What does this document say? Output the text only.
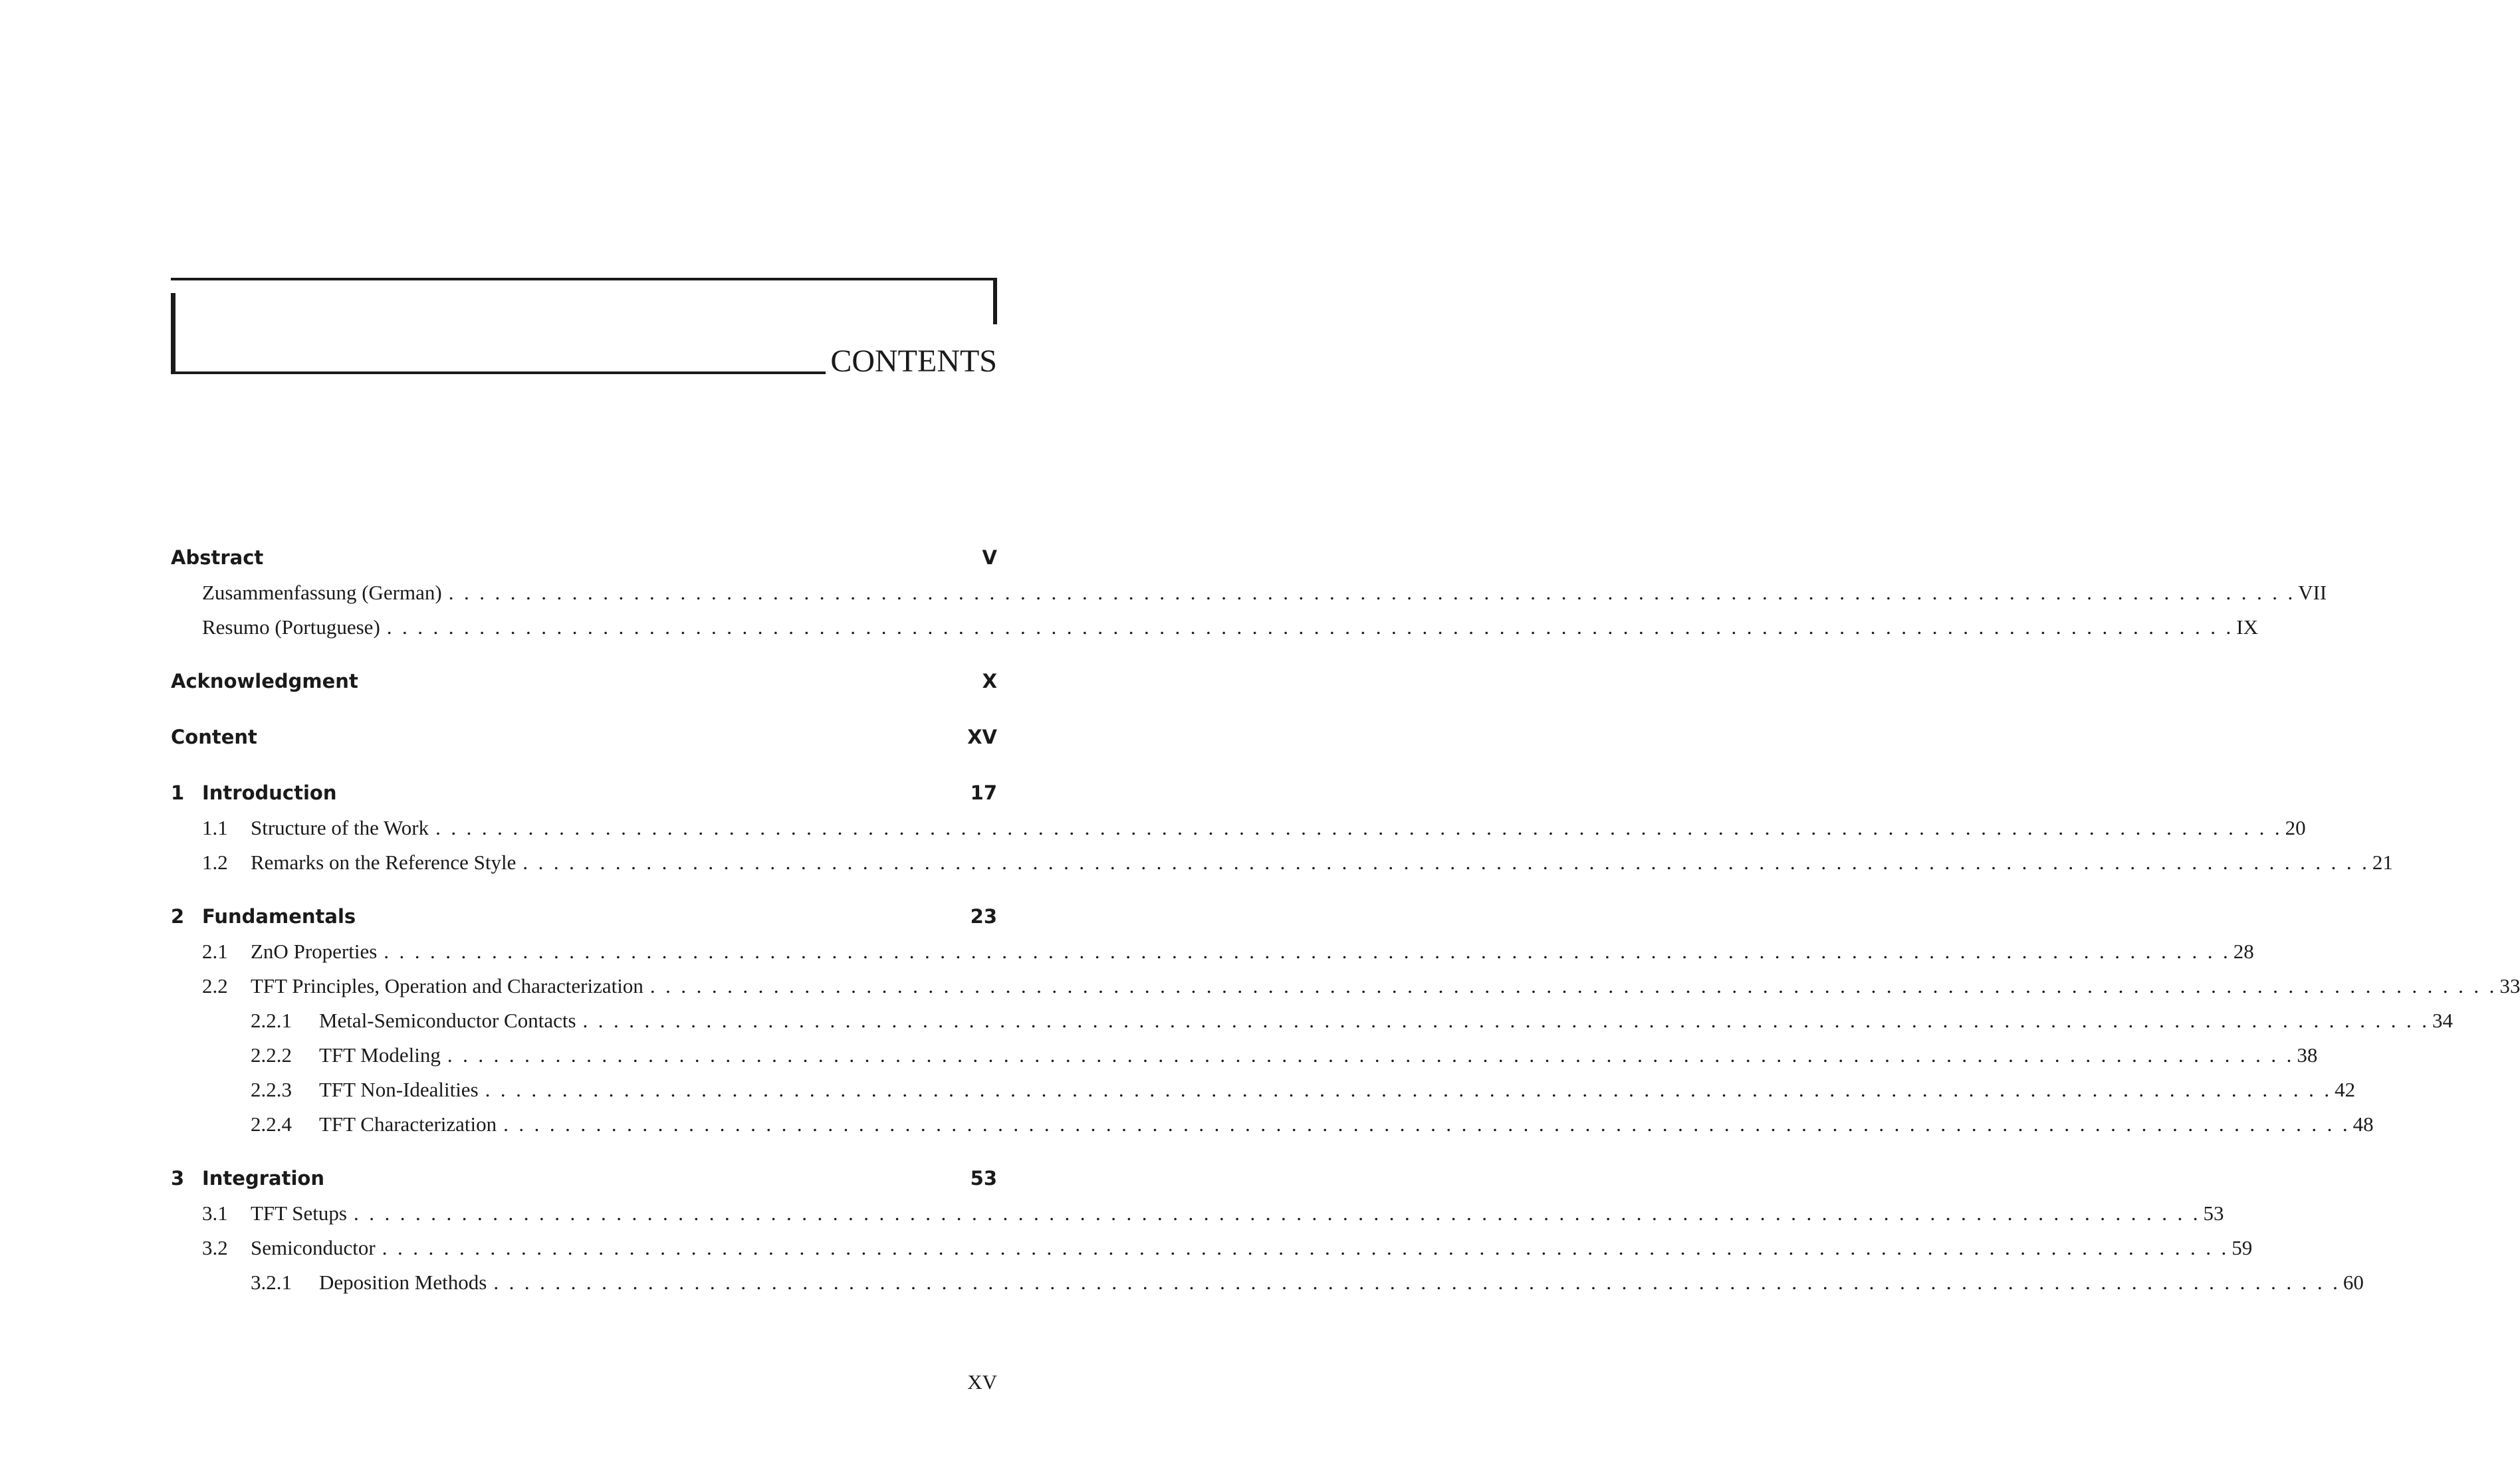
CONTENTS
Abstract	V
Zusammenfassung (German) . . . . . . . . . . . . . . . . . . . . . . . . . . . . . . . . . . . . . . . . . . . . . . . . . . . . . . . . . . . . . . . . . . . . . . . . . . . . . . . . . . . . . . . . . . . . . . . . . . . . . . . . . . . . . . . . . . . . . . . . VII
Resumo (Portuguese) . . . . . . . . . . . . . . . . . . . . . . . . . . . . . . . . . . . . . . . . . . . . . . . . . . . . . . . . . . . . . . . . . . . . . . . . . . . . . . . . . . . . . . . . . . . . . . . . . . . . . . . . . . . . . . . . . . . . . . . . IX
Acknowledgment	X
Content	XV
1 Introduction	17
1.1	Structure of the Work . . . . . . . . . . . . . . . . . . . . . . . . . . . . . . . . . . . . . . . . . . . . . . . . . . . . . . . . . . . . . . . . . . . . . . . . . . . . . . . . . . . . . . . . . . . . . . . . . . . . . . . . . . . . . . . . . . . . . . . . 20
1.2	Remarks on the Reference Style . . . . . . . . . . . . . . . . . . . . . . . . . . . . . . . . . . . . . . . . . . . . . . . . . . . . . . . . . . . . . . . . . . . . . . . . . . . . . . . . . . . . . . . . . . . . . . . . . . . . . . . . . . . . . . . . . . . . . . . . 21
2 Fundamentals	23
2.1	ZnO Properties . . . . . . . . . . . . . . . . . . . . . . . . . . . . . . . . . . . . . . . . . . . . . . . . . . . . . . . . . . . . . . . . . . . . . . . . . . . . . . . . . . . . . . . . . . . . . . . . . . . . . . . . . . . . . . . . . . . . . . . . 28
2.2	TFT Principles, Operation and Characterization . . . . . . . . . . . . . . . . . . . . . . . . . . . . . . . . . . . . . . . . . . . . . . . . . . . . . . . . . . . . . . . . . . . . . . . . . . . . . . . . . . . . . . . . . . . . . . . . . . . . . . . . . . . . . . . . . . . . . . . . 33
2.2.1	Metal-Semiconductor Contacts . . . . . . . . . . . . . . . . . . . . . . . . . . . . . . . . . . . . . . . . . . . . . . . . . . . . . . . . . . . . . . . . . . . . . . . . . . . . . . . . . . . . . . . . . . . . . . . . . . . . . . . . . . . . . . . . . . . . . . . . 34
2.2.2	TFT Modeling . . . . . . . . . . . . . . . . . . . . . . . . . . . . . . . . . . . . . . . . . . . . . . . . . . . . . . . . . . . . . . . . . . . . . . . . . . . . . . . . . . . . . . . . . . . . . . . . . . . . . . . . . . . . . . . . . . . . . . . . 38
2.2.3	TFT Non-Idealities . . . . . . . . . . . . . . . . . . . . . . . . . . . . . . . . . . . . . . . . . . . . . . . . . . . . . . . . . . . . . . . . . . . . . . . . . . . . . . . . . . . . . . . . . . . . . . . . . . . . . . . . . . . . . . . . . . . . . . . . 42
2.2.4	TFT Characterization . . . . . . . . . . . . . . . . . . . . . . . . . . . . . . . . . . . . . . . . . . . . . . . . . . . . . . . . . . . . . . . . . . . . . . . . . . . . . . . . . . . . . . . . . . . . . . . . . . . . . . . . . . . . . . . . . . . . . . . . 48
3 Integration	53
3.1	TFT Setups . . . . . . . . . . . . . . . . . . . . . . . . . . . . . . . . . . . . . . . . . . . . . . . . . . . . . . . . . . . . . . . . . . . . . . . . . . . . . . . . . . . . . . . . . . . . . . . . . . . . . . . . . . . . . . . . . . . . . . . . 53
3.2	Semiconductor . . . . . . . . . . . . . . . . . . . . . . . . . . . . . . . . . . . . . . . . . . . . . . . . . . . . . . . . . . . . . . . . . . . . . . . . . . . . . . . . . . . . . . . . . . . . . . . . . . . . . . . . . . . . . . . . . . . . . . . . 59
3.2.1	Deposition Methods . . . . . . . . . . . . . . . . . . . . . . . . . . . . . . . . . . . . . . . . . . . . . . . . . . . . . . . . . . . . . . . . . . . . . . . . . . . . . . . . . . . . . . . . . . . . . . . . . . . . . . . . . . . . . . . . . . . . . . . . 60
XV
